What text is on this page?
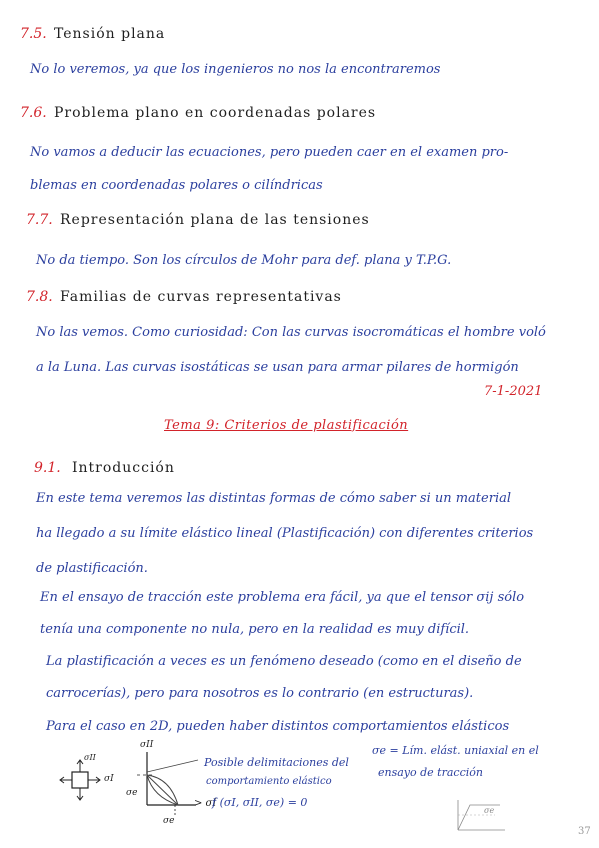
7.5. Tensión plana
No lo veremos, ya que los ingenieros no nos la encontraremos
7.6. Problema plano en coordenadas polares
No vamos a deducir las ecuaciones, pero pueden caer en el examen pro-
blemas en coordenadas polares o cilíndricas
7.7. Representación plana de las tensiones
No da tiempo. Son los círculos de Mohr para def. plana y T.P.G.
7.8. Familias de curvas representativas
No las vemos. Como curiosidad: Con las curvas isocromáticas el hombre voló
a la Luna. Las curvas isostáticas se usan para armar pilares de hormigón
7-1-2021
Tema 9: Criterios de plastificación
9.1. Introducción
En este tema veremos las distintas formas de cómo saber si un material
ha llegado a su límite elástico lineal (Plastificación) con diferentes criterios
de plastificación.
En el ensayo de tracción este problema era fácil, ya que el tensor σij sólo
tenía una componente no nula, pero en la realidad es muy difícil.
La plastificación a veces es un fenómeno deseado (como en el diseño de
carrocerías), pero para nosotros es lo contrario (en estructuras).
Para el caso en 2D, pueden haber distintos comportamientos elásticos
σII
σI
σII
σe
σe
> σI
Posible delimitaciones del
comportamiento elástico
f (σI, σII, σe) = 0
σe = Lím. elást. uniaxial en el
ensayo de tracción
σe
37
